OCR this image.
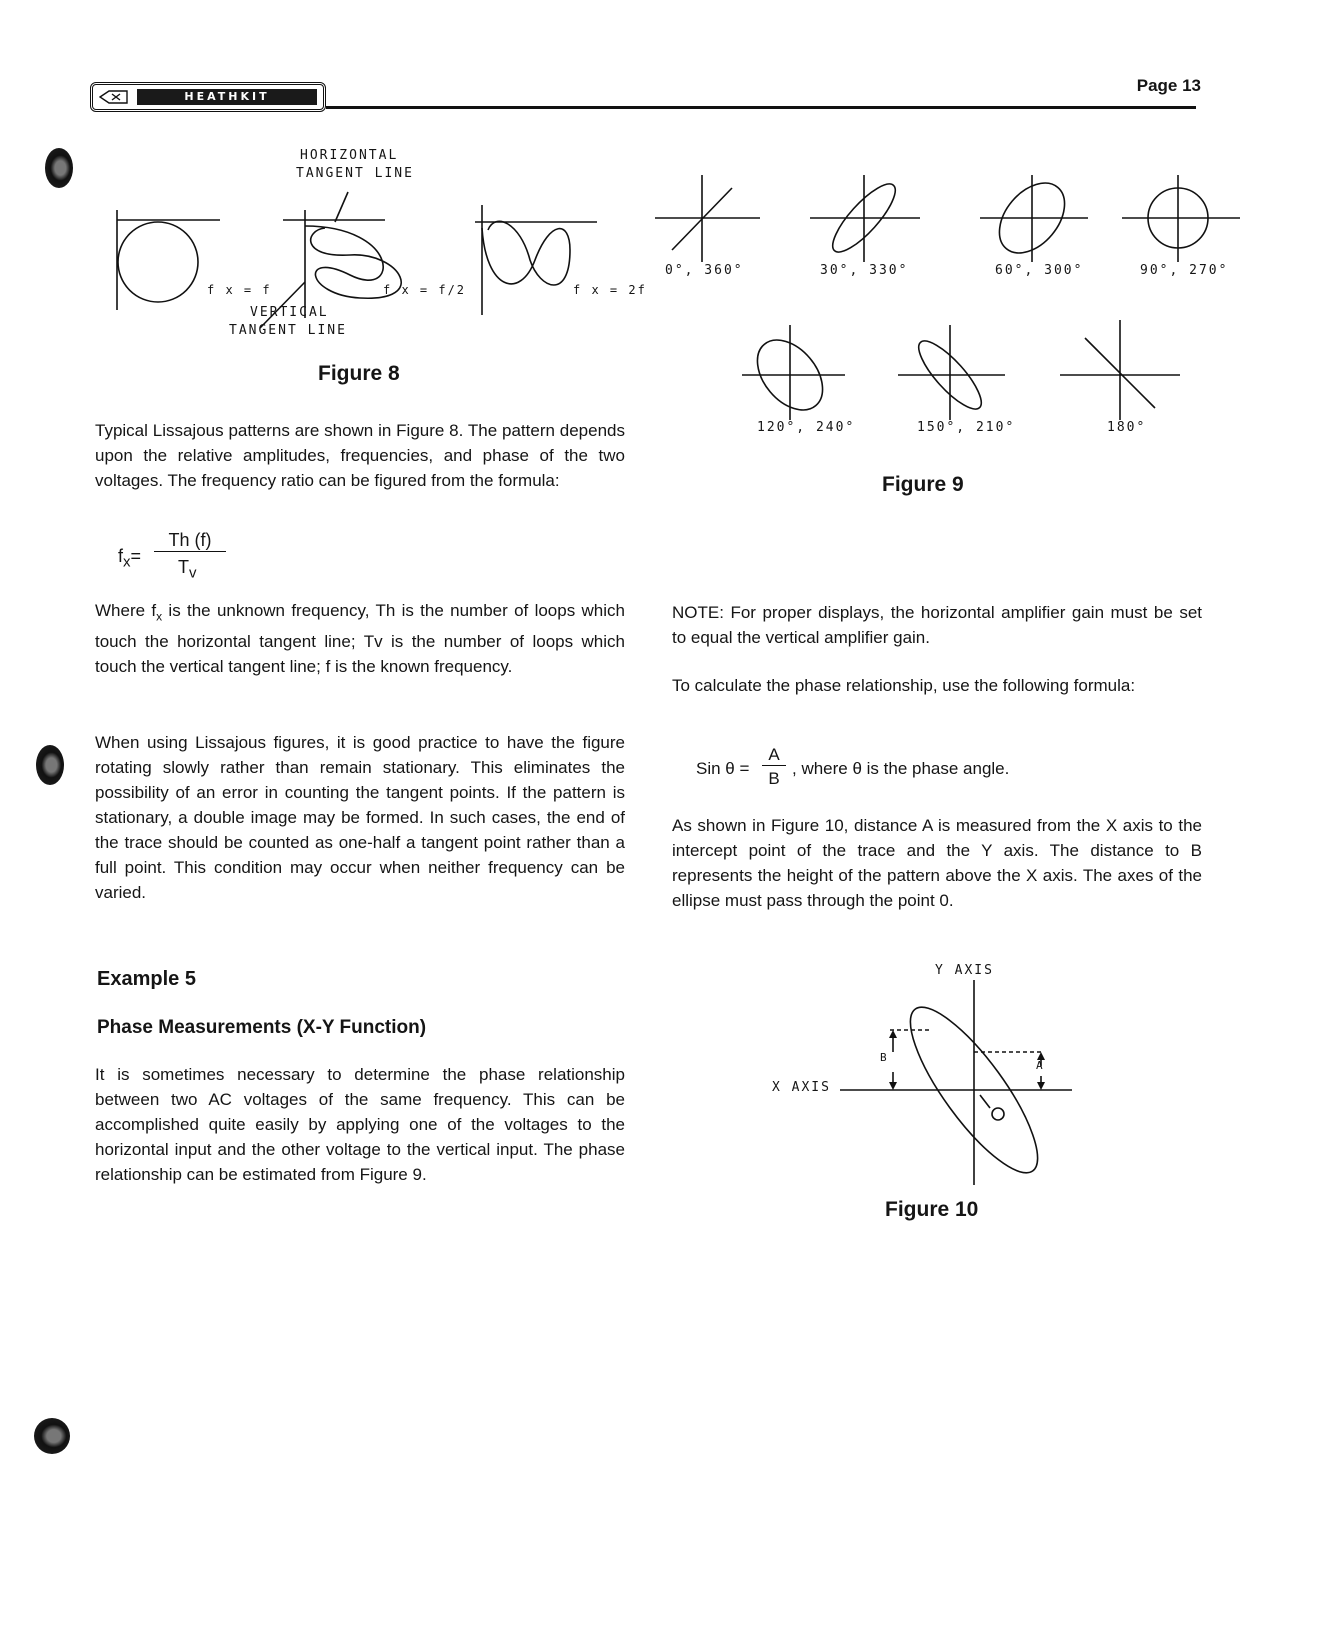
HEATHKIT
Page 13
HORIZONTAL
TANGENT LINE
VERTICAL
TANGENT LINE
f x = f	f x = f/2	f x = 2f
Figure 8
0°, 360°	30°, 330°	60°, 300°	90°, 270°
120°, 240°	150°, 210°	180°
Figure 9
Typical Lissajous patterns are shown in Figure 8. The pattern depends upon the relative amplitudes, frequencies, and phase of the two voltages. The frequency ratio can be figured from the formula:
$f_x=$
Th (f)
$T_v$
Where $f_x$ is the unknown frequency, Th is the number of loops which touch the horizontal tangent line; Tv is the number of loops which touch the vertical tangent line; f is the known frequency.
When using Lissajous figures, it is good practice to have the figure rotating slowly rather than remain stationary. This eliminates the possibility of an error in counting the tangent points. If the pattern is stationary, a double image may be formed. In such cases, the end of the trace should be counted as one-half a tangent point rather than a full point. This condition may occur when neither frequency can be varied.
Example 5
Phase Measurements (X-Y Function)
It is sometimes necessary to determine the phase relationship between two AC voltages of the same frequency. This can be accomplished quite easily by applying one of the voltages to the horizontal input and the other voltage to the vertical input. The phase relationship can be estimated from Figure 9.
NOTE: For proper displays, the horizontal amplifier gain must be set to equal the vertical amplifier gain.
To calculate the phase relationship, use the following formula:
Sin θ =
A
B
, where θ is the phase angle.
As shown in Figure 10, distance A is measured from the X axis to the intercept point of the trace and the Y axis. The distance to B represents the height of the pattern above the X axis. The axes of the ellipse must pass through the point 0.
Y AXIS
X AXIS
B
A
Figure 10
